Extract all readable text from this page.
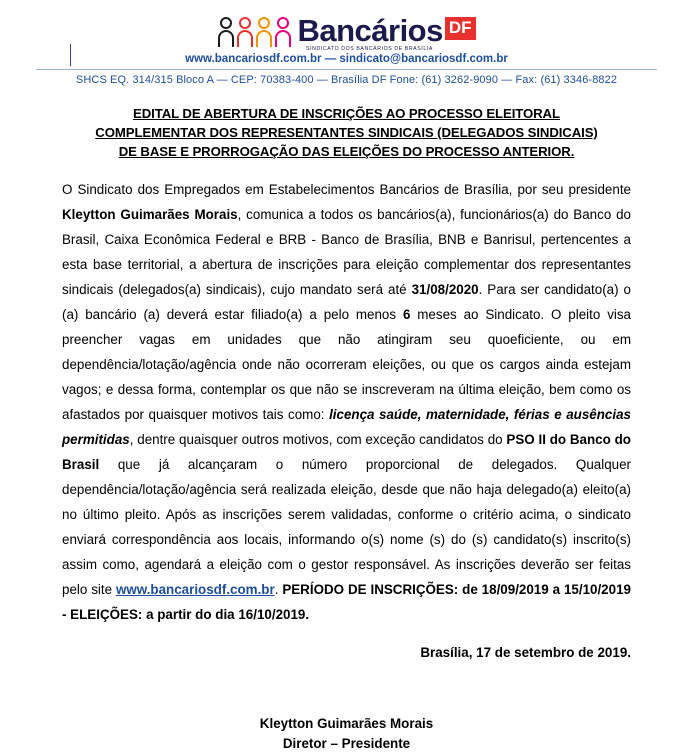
Bancários DF
SINDICATO DOS BANCÁRIOS DE BRASÍLIA
www.bancariosdf.com.br — sindicato@bancariosdf.com.br
SHCS EQ. 314/315 Bloco A — CEP: 70383-400 — Brasília DF Fone: (61) 3262-9090 — Fax: (61) 3346-8822
EDITAL DE ABERTURA DE INSCRIÇÕES AO PROCESSO ELEITORAL
COMPLEMENTAR DOS REPRESENTANTES SINDICAIS (DELEGADOS SINDICAIS)
DE BASE E PRORROGAÇÃO DAS ELEIÇÕES DO PROCESSO ANTERIOR.

O Sindicato dos Empregados em Estabelecimentos Bancários de Brasília, por seu presidente Kleytton Guimarães Morais, comunica a todos os bancários(a), funcionários(a) do Banco do Brasil, Caixa Econômica Federal e BRB - Banco de Brasília, BNB e Banrisul, pertencentes a esta base territorial, a abertura de inscrições para eleição complementar dos representantes sindicais (delegados(a) sindicais), cujo mandato será até 31/08/2020. Para ser candidato(a) o (a) bancário (a) deverá estar filiado(a) a pelo menos 6 meses ao Sindicato. O pleito visa preencher vagas em unidades que não atingiram seu quoeficiente, ou em dependência/lotação/agência onde não ocorreram eleições, ou que os cargos ainda estejam vagos; e dessa forma, contemplar os que não se inscreveram na última eleição, bem como os afastados por quaisquer motivos tais como: licença saúde, maternidade, férias e ausências permitidas, dentre quaisquer outros motivos, com exceção candidatos do PSO II do Banco do Brasil que já alcançaram o número proporcional de delegados. Qualquer dependência/lotação/agência será realizada eleição, desde que não haja delegado(a) eleito(a) no último pleito. Após as inscrições serem validadas, conforme o critério acima, o sindicato enviará correspondência aos locais, informando o(s) nome (s) do (s) candidato(s) inscrito(s) assim como, agendará a eleição com o gestor responsável. As inscrições deverão ser feitas pelo site www.bancariosdf.com.br. PERÍODO DE INSCRIÇÕES: de 18/09/2019 a 15/10/2019 - ELEIÇÕES: a partir do dia 16/10/2019.

Brasília, 17 de setembro de 2019.
Kleytton Guimarães Morais
Diretor – Presidente
